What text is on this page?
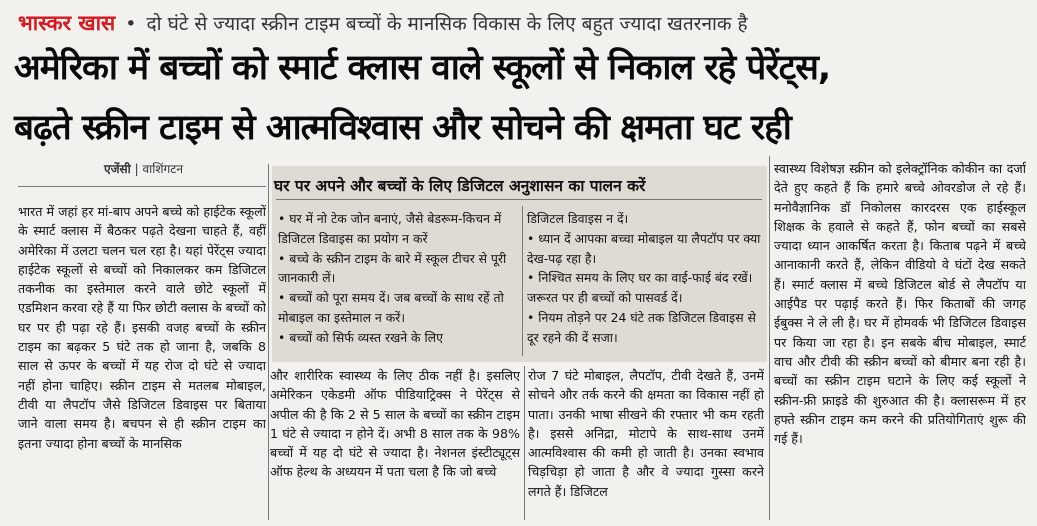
भास्कर खास • दो घंटे से ज्यादा स्क्रीन टाइम बच्चों के मानसिक विकास के लिए बहुत ज्यादा खतरनाक है
अमेरिका में बच्चों को स्मार्ट क्लास वाले स्कूलों से निकाल रहे पेरेंट्स,
बढ़ते स्क्रीन टाइम से आत्मविश्वास और सोचने की क्षमता घट रही
एजेंसी | वाशिंगटन

भारत में जहां हर मां-बाप अपने बच्चे को हाईटेक स्कूलों के स्मार्ट क्लास में बैठकर पढ़ते देखना चाहते हैं, वहीं अमेरिका में उलटा चलन चल रहा है। यहां पेरेंट्स ज्यादा हाईटेक स्कूलों से बच्चों को निकालकर कम डिजिटल तकनीक का इस्तेमाल करने वाले छोटे स्कूलों में एडमिशन करवा रहे हैं या फिर छोटी क्लास के बच्चों को घर पर ही पढ़ा रहे हैं। इसकी वजह बच्चों के स्क्रीन टाइम का बढ़कर 5 घंटे तक हो जाना है, जबकि 8 साल से ऊपर के बच्चों में यह रोज दो घंटे से ज्यादा नहीं होना चाहिए। स्क्रीन टाइम से मतलब मोबाइल, टीवी या लैपटॉप जैसे डिजिटल डिवाइस पर बिताया जाने वाला समय है। बचपन से ही स्क्रीन टाइम का इतना ज्यादा होना बच्चों के मानसिक

घर पर अपने और बच्चों के लिए डिजिटल अनुशासन का पालन करें
• घर में नो टेक जोन बनाएं, जैसे बेडरूम-किचन में डिजिटल डिवाइस का प्रयोग न करें
• बच्चे के स्क्रीन टाइम के बारे में स्कूल टीचर से पूरी जानकारी लें।
• बच्चों को पूरा समय दें। जब बच्चों के साथ रहें तो मोबाइल का इस्तेमाल न करें।
• बच्चों को सिर्फ व्यस्त रखने के लिए
डिजिटल डिवाइस न दें।
• ध्यान दें आपका बच्चा मोबाइल या लैपटॉप पर क्या देख-पढ़ रहा है।
• निश्चित समय के लिए घर का वाई-फाई बंद रखें। जरूरत पर ही बच्चों को पासवर्ड दें।
• नियम तोड़ने पर 24 घंटे तक डिजिटल डिवाइस से दूर रहने की दें सजा।

और शारीरिक स्वास्थ्य के लिए ठीक नहीं है। इसलिए अमेरिकन एकेडमी ऑफ पीडियाट्रिक्स ने पेरेंट्स से अपील की है कि 2 से 5 साल के बच्चों का स्क्रीन टाइम 1 घंटे से ज्यादा न होने दें। अभी 8 साल तक के 98% बच्चों में यह दो घंटे से ज्यादा है। नेशनल इंस्टीट्यूट्स ऑफ हेल्थ के अध्ययन में पता चला है कि जो बच्चे

रोज 7 घंटे मोबाइल, लैपटॉप, टीवी देखते हैं, उनमें सोचने और तर्क करने की क्षमता का विकास नहीं हो पाता। उनकी भाषा सीखने की रफ्तार भी कम रहती है। इससे अनिद्रा, मोटापे के साथ-साथ उनमें आत्मविश्वास की कमी हो जाती है। उनका स्वभाव चिड़चिड़ा हो जाता है और वे ज्यादा गुस्सा करने लगते हैं। डिजिटल

स्वास्थ्य विशेषज्ञ स्क्रीन को इलेक्ट्रॉनिक कोकीन का दर्जा देते हुए कहते हैं कि हमारे बच्चे ओवरडोज ले रहे हैं। मनोवैज्ञानिक डॉ निकोलस कारदरस एक हाईस्कूल शिक्षक के हवाले से कहते हैं, फोन बच्चों का सबसे ज्यादा ध्यान आकर्षित करता है। किताब पढ़ने में बच्चे आनाकानी करते हैं, लेकिन वीडियो वे घंटों देख सकते हैं। स्मार्ट क्लास में बच्चे डिजिटल बोर्ड से लैपटॉप या आईपैड पर पढ़ाई करते हैं। फिर किताबों की जगह ईबुक्स ने ले ली है। घर में होमवर्क भी डिजिटल डिवाइस पर किया जा रहा है। इन सबके बीच मोबाइल, स्मार्ट वाच और टीवी की स्क्रीन बच्चों को बीमार बना रही है। बच्चों का स्क्रीन टाइम घटाने के लिए कई स्कूलों ने स्क्रीन-फ्री फ्राइडे की शुरुआत की है। क्लासरूम में हर हफ्ते स्क्रीन टाइम कम करने की प्रतियोगिताएं शुरू की गई हैं।
